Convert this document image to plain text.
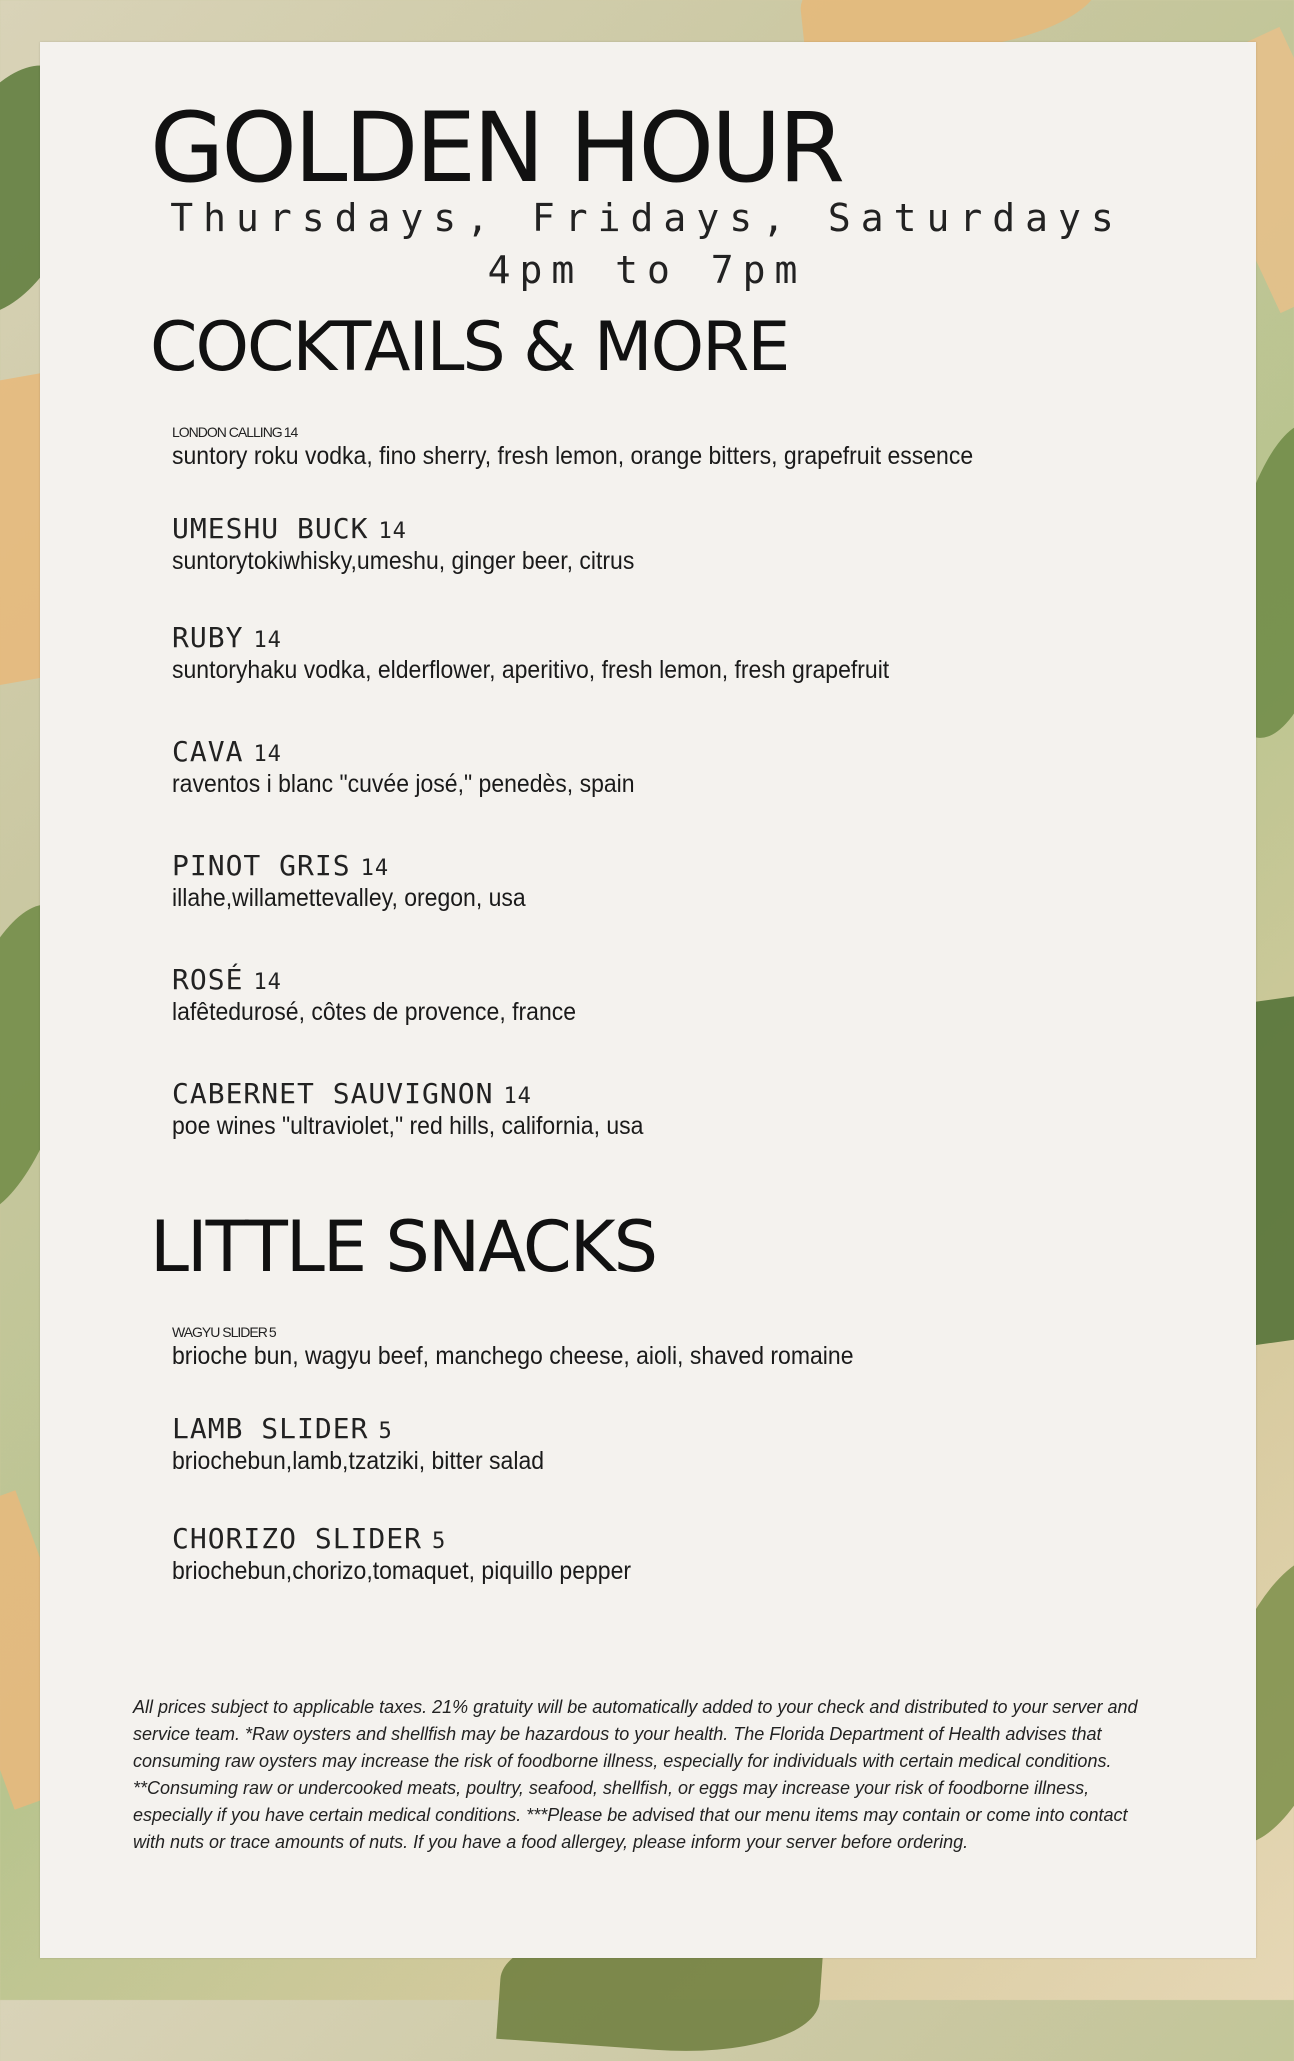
GOLDEN HOUR

Thursdays, Fridays, Saturdays

4pm to 7pm

COCKTAILS & MORE
LONDON CALLING 14
suntory roku vodka, fino sherry, fresh lemon, orange bitters, grapefruit essence
UMESHU BUCK 14
suntorytokiwhisky,umeshu, ginger beer, citrus
RUBY 14
suntoryhaku vodka, elderflower, aperitivo, fresh lemon, fresh grapefruit
CAVA 14
raventos i blanc "cuvée josé," penedès, spain
PINOT GRIS 14
illahe,willamettevalley, oregon, usa
ROSÉ 14
lafêtedurosé, côtes de provence, france
CABERNET SAUVIGNON 14
poe wines "ultraviolet," red hills, california, usa
LITTLE SNACKS
WAGYU SLIDER 5
brioche bun, wagyu beef, manchego cheese, aioli, shaved romaine
LAMB SLIDER 5
briochebun,lamb,tzatziki, bitter salad
CHORIZO SLIDER 5
briochebun,chorizo,tomaquet, piquillo pepper

All prices subject to applicable taxes. 21% gratuity will be automatically added to your check and distributed to your server and service team. *Raw oysters and shellfish may be hazardous to your health. The Florida Department of Health advises that consuming raw oysters may increase the risk of foodborne illness, especially for individuals with certain medical conditions. **Consuming raw or undercooked meats, poultry, seafood, shellfish, or eggs may increase your risk of foodborne illness, especially if you have certain medical conditions. ***Please be advised that our menu items may contain or come into contact with nuts or trace amounts of nuts. If you have a food allergey, please inform your server before ordering.
